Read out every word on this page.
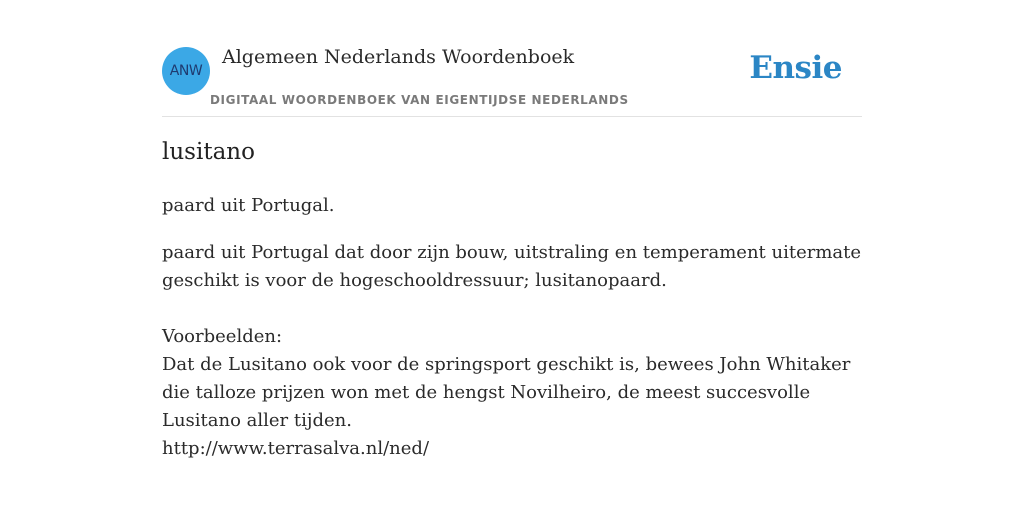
ANW
Algemeen Nederlands Woordenboek
DIGITAAL WOORDENBOEK VAN EIGENTIJDSE NEDERLANDS
Ensie
lusitano

paard uit Portugal.

paard uit Portugal dat door zijn bouw, uitstraling en temperament uitermate geschikt is voor de hogeschooldressuur; lusitanopaard.

Voorbeelden:

Dat de Lusitano ook voor de springsport geschikt is, bewees John Whitaker die talloze prijzen won met de hengst Novilheiro, de meest succesvolle Lusitano aller tijden.

http://www.terrasalva.nl/ned/
